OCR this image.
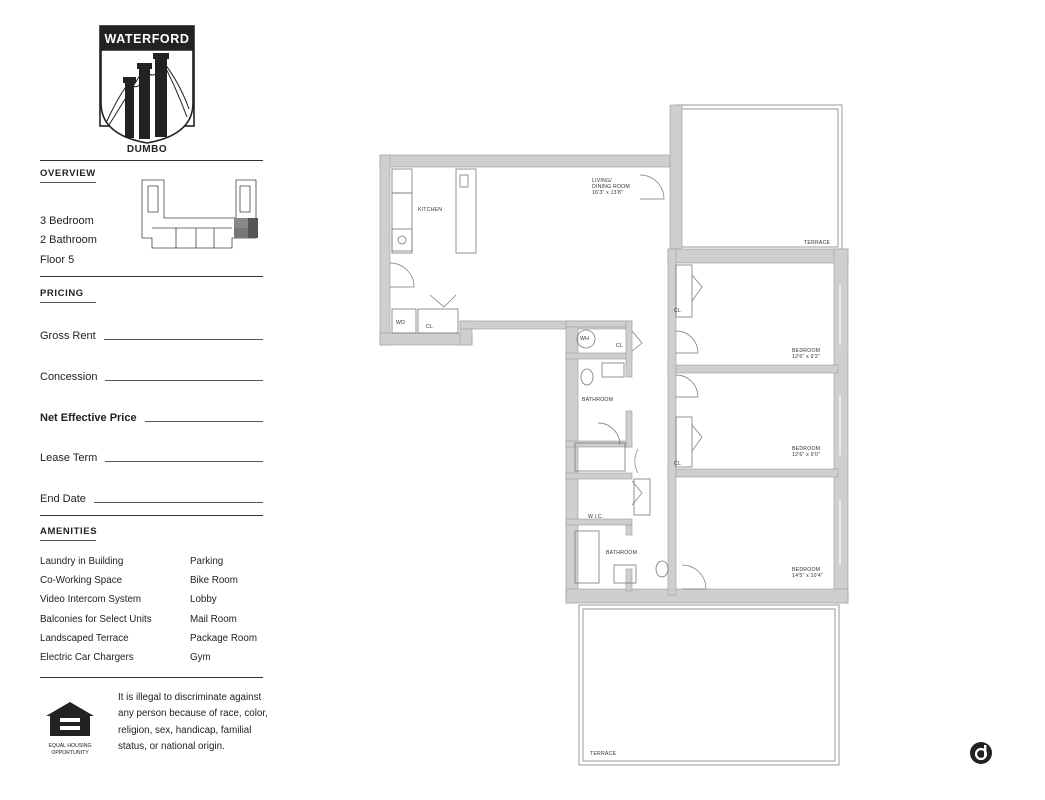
WATERFORD
DUMBO
OVERVIEW
3 Bedroom
2 Bathroom
Floor 5
PRICING
Gross Rent
Concession
Net Effective Price
Lease Term
End Date
AMENITIES
Laundry in Building
Co-Working Space
Video Intercom System
Balconies for Select Units
Landscaped Terrace
Electric Car Chargers
Parking
Bike Room
Lobby
Mail Room
Package Room
Gym
EQUAL HOUSING
OPPORTUNITY
It is illegal to discriminate against any person because of race, color, religion, sex, handicap, familial status, or national origin.
KITCHEN
LIVING/
DINING ROOM
16'3" x 13'8"
TERRACE
TERRACE
WD
CL
WH
CL
BATHROOM
W.I.C.
BATHROOM
BEDROOM
12'6" x 9'2"
BEDROOM
12'6" x 9'0"
BEDROOM
14'5" x 10'4"
CL
CL
